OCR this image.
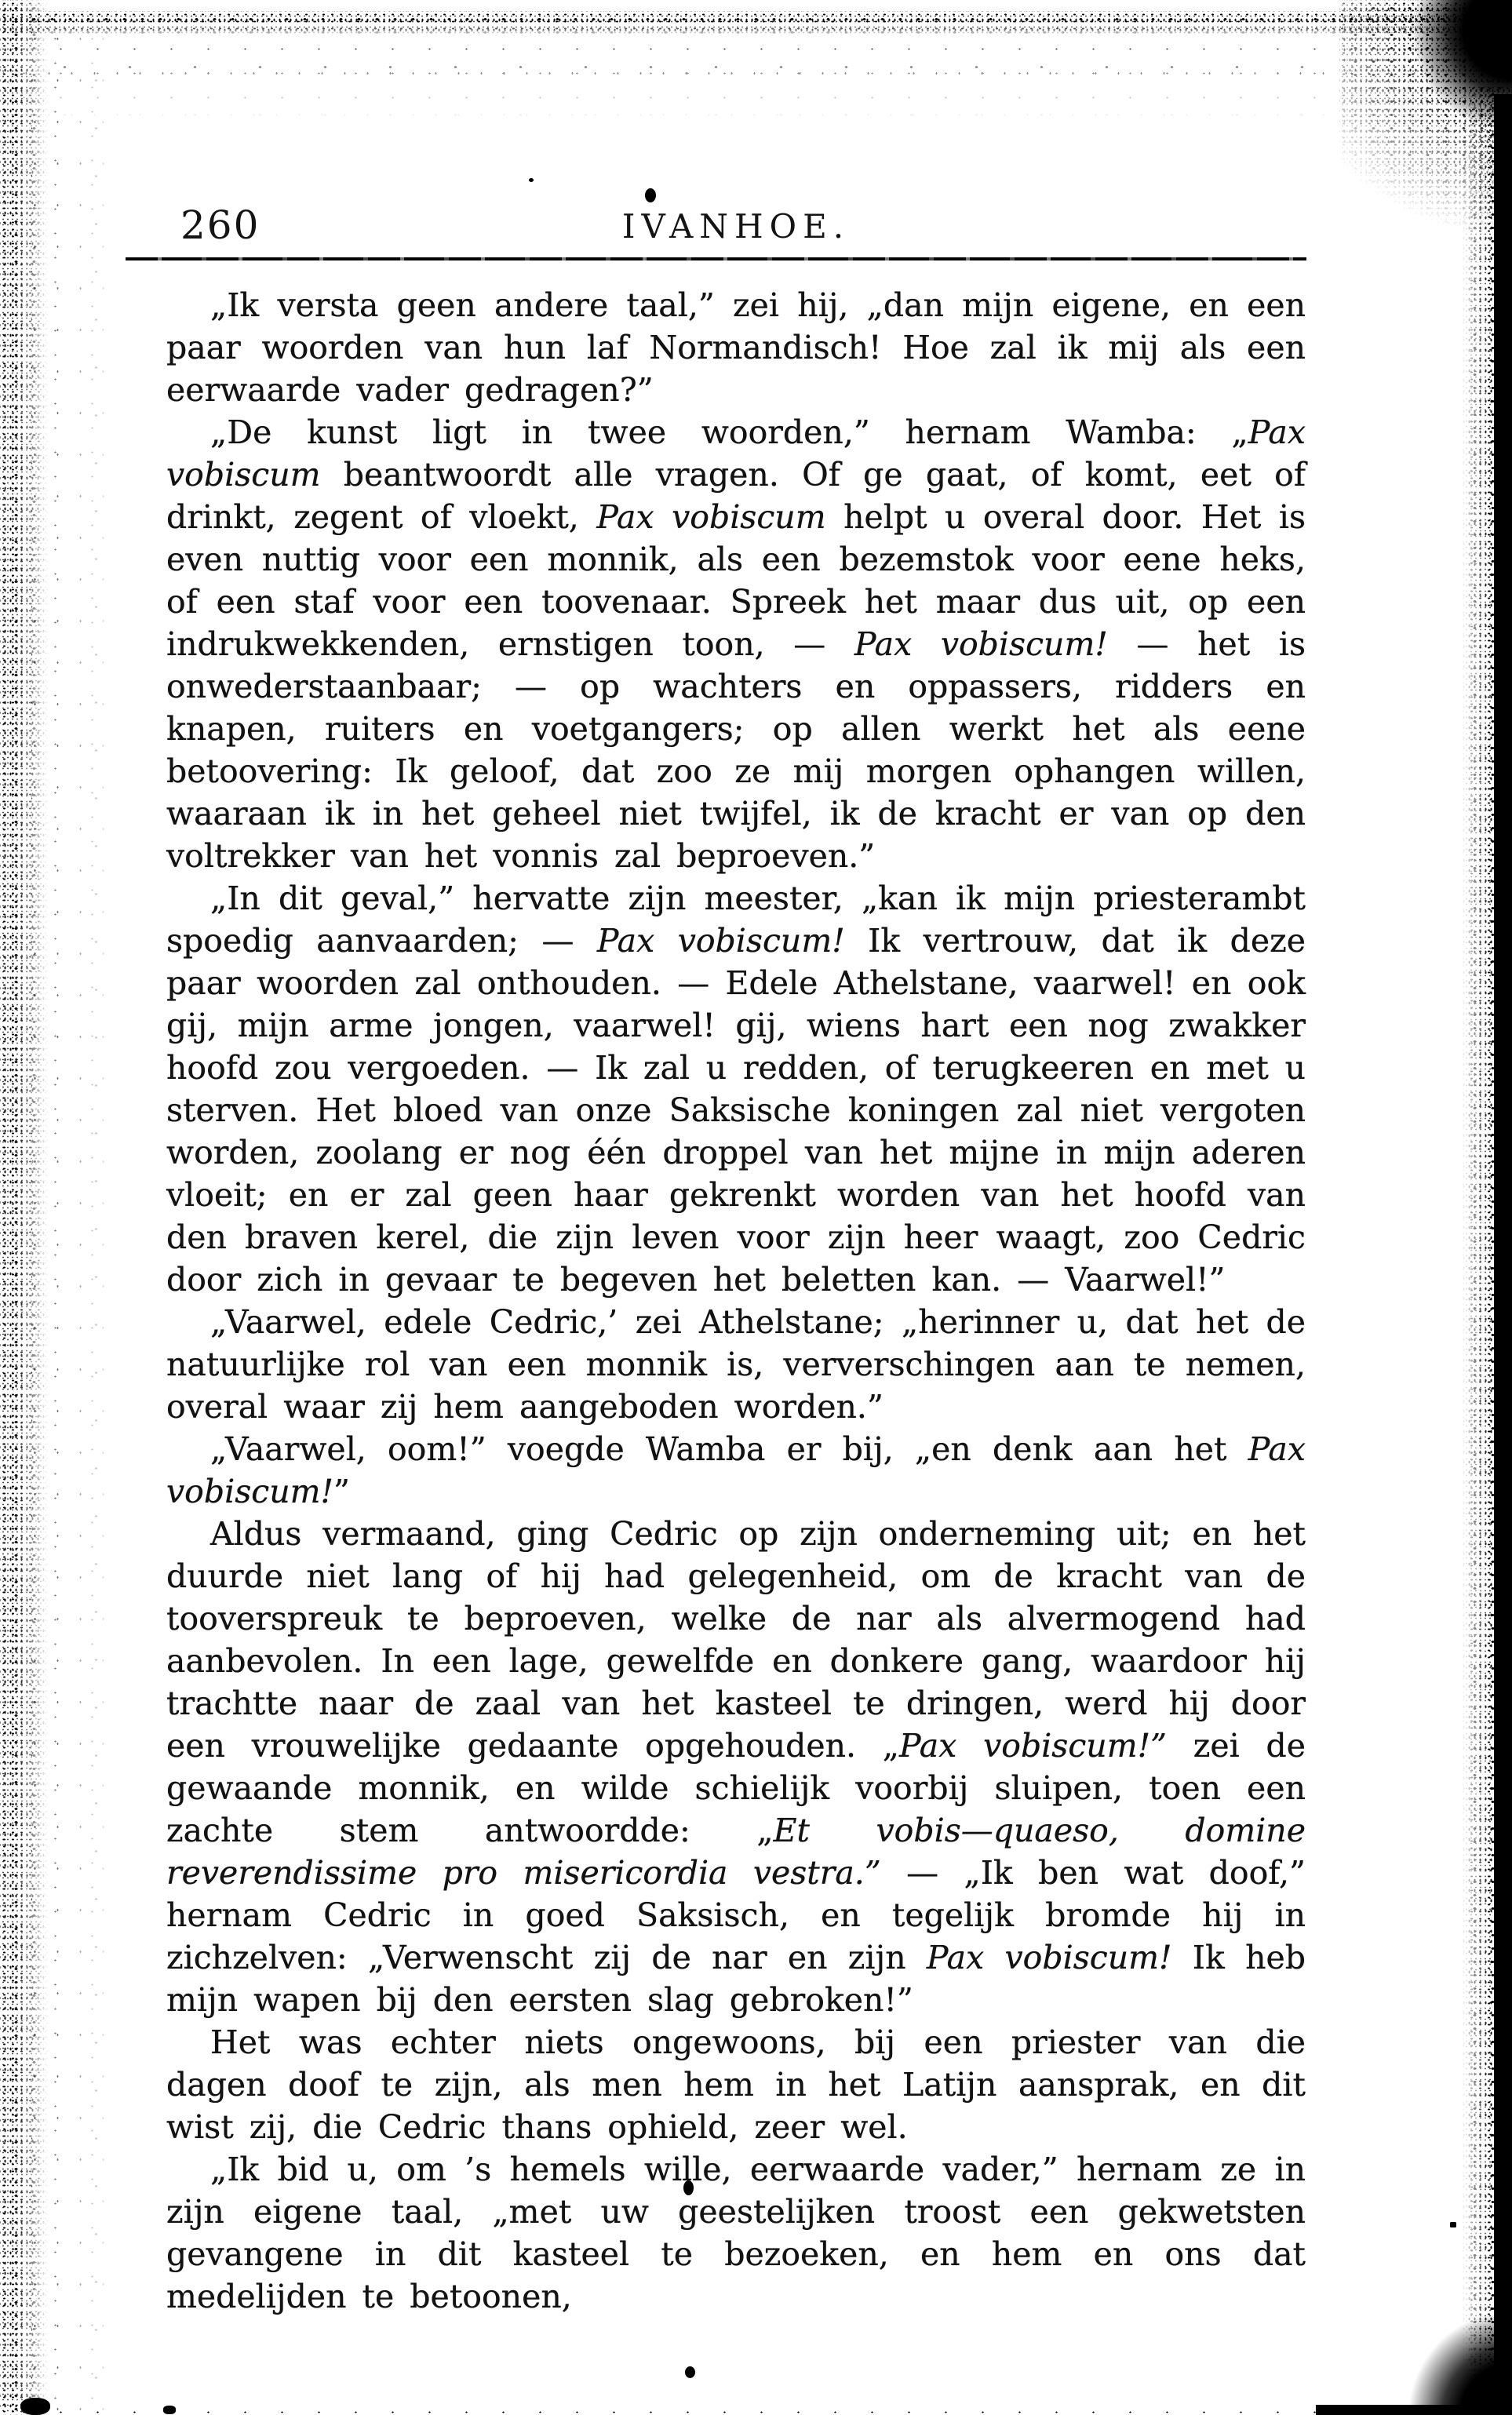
260	IVANHOE.

„Ik versta geen andere taal,” zei hij, „dan mijn eigene, en een paar woorden van hun laf Normandisch! Hoe zal ik mij als een eerwaarde vader gedragen?”

„De kunst ligt in twee woorden,” hernam Wamba: „Pax vobiscum beantwoordt alle vragen. Of ge gaat, of komt, eet of drinkt, zegent of vloekt, Pax vobiscum helpt u overal door. Het is even nuttig voor een monnik, als een bezemstok voor eene heks, of een staf voor een toovenaar. Spreek het maar dus uit, op een indrukwekkenden, ernstigen toon, — Pax vobiscum! — het is onwederstaanbaar; — op wachters en oppassers, ridders en knapen, ruiters en voetgangers; op allen werkt het als eene betoovering: Ik geloof, dat zoo ze mij morgen ophangen willen, waaraan ik in het geheel niet twijfel, ik de kracht er van op den voltrekker van het vonnis zal beproeven.”

„In dit geval,” hervatte zijn meester, „kan ik mijn priesterambt spoedig aanvaarden; — Pax vobiscum! Ik vertrouw, dat ik deze paar woorden zal onthouden. — Edele Athelstane, vaarwel! en ook gij, mijn arme jongen, vaarwel! gij, wiens hart een nog zwakker hoofd zou vergoeden. — Ik zal u redden, of terugkeeren en met u sterven. Het bloed van onze Saksische koningen zal niet vergoten worden, zoolang er nog één droppel van het mijne in mijn aderen vloeit; en er zal geen haar gekrenkt worden van het hoofd van den braven kerel, die zijn leven voor zijn heer waagt, zoo Cedric door zich in gevaar te begeven het beletten kan. — Vaarwel!”

„Vaarwel, edele Cedric,’ zei Athelstane; „herinner u, dat het de natuurlijke rol van een monnik is, ververschingen aan te nemen, overal waar zij hem aangeboden worden.”

„Vaarwel, oom!” voegde Wamba er bij, „en denk aan het Pax vobiscum!”

Aldus vermaand, ging Cedric op zijn onderneming uit; en het duurde niet lang of hij had gelegenheid, om de kracht van de tooverspreuk te beproeven, welke de nar als alvermogend had aanbevolen. In een lage, gewelfde en donkere gang, waardoor hij trachtte naar de zaal van het kasteel te dringen, werd hij door een vrouwelijke gedaante opgehouden. „Pax vobiscum!” zei de gewaande monnik, en wilde schielijk voorbij sluipen, toen een zachte stem antwoordde: „Et vobis—quaeso, domine reverendissime pro misericordia vestra.” — „Ik ben wat doof,” hernam Cedric in goed Saksisch, en tegelijk bromde hij in zichzelven: „Verwenscht zij de nar en zijn Pax vobiscum! Ik heb mijn wapen bij den eersten slag gebroken!”

Het was echter niets ongewoons, bij een priester van die dagen doof te zijn, als men hem in het Latijn aansprak, en dit wist zij, die Cedric thans ophield, zeer wel.

„Ik bid u, om ’s hemels wille, eerwaarde vader,” hernam ze in zijn eigene taal, „met uw geestelijken troost een gekwetsten gevangene in dit kasteel te bezoeken, en hem en ons dat medelijden te betoonen,
